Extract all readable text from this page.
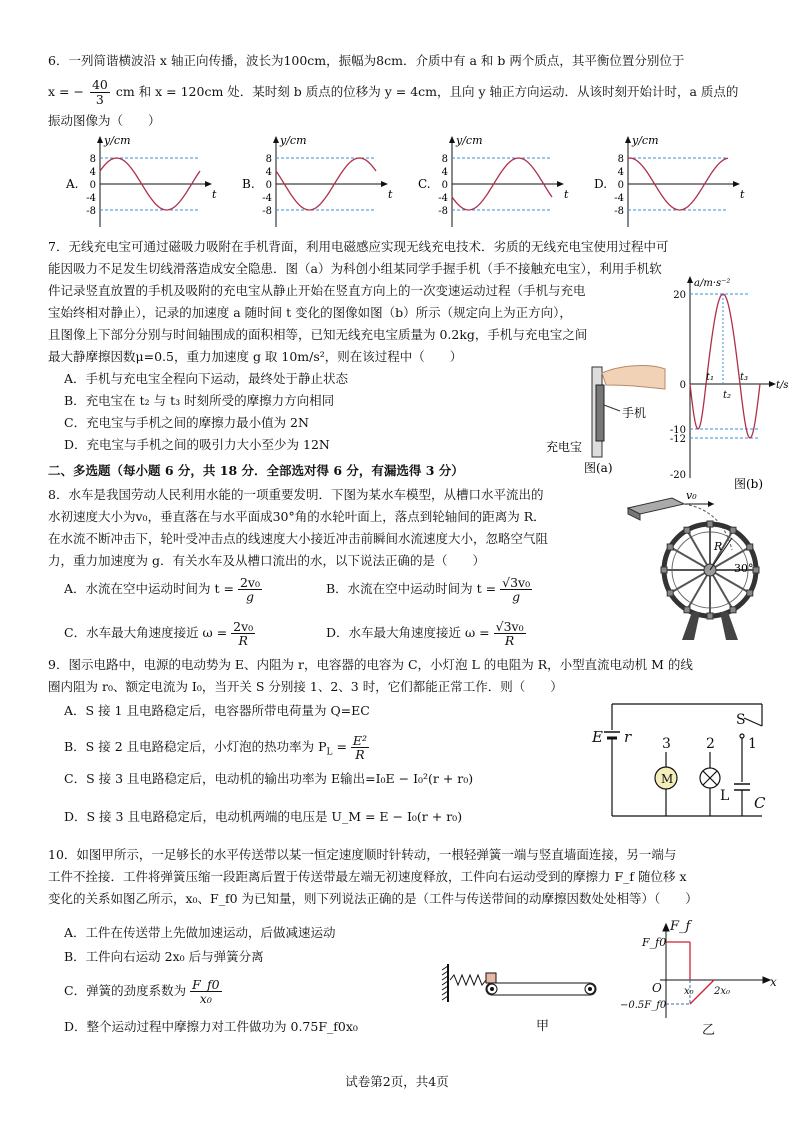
6．一列简谐横波沿 x 轴正向传播，波长为100cm，振幅为8cm．介质中有 a 和 b 两个质点，其平衡位置分别位于
x = − $\frac{40}{3}$ cm 和 x = 120cm 处．某时刻 b 质点的位移为 y = 4cm，且向 y 轴正方向运动．从该时刻开始计时，a 质点的
振动图像为（　　）
A.
y/cm
t
8
4
0
-4
-8
B.
y/cm
t
8
4
0
-4
-8
C.
y/cm
t
8
4
0
-4
-8
D.
y/cm
t
8
4
0
-4
-8
7．无线充电宝可通过磁吸力吸附在手机背面，利用电磁感应实现无线充电技术．劣质的无线充电宝使用过程中可
能因吸力不足发生切线滑落造成安全隐患．图（a）为科创小组某同学手握手机（手不接触充电宝），利用手机软
件记录竖直放置的手机及吸附的充电宝从静止开始在竖直方向上的一次变速运动过程（手机与充电
宝始终相对静止），记录的加速度 a 随时间 t 变化的图像如图（b）所示（规定向上为正方向），
且图像上下部分分别与时间轴围成的面积相等，已知无线充电宝质量为 0.2kg，手机与充电宝之间
最大静摩擦因数μ=0.5，重力加速度 g 取 10m/s²，则在该过程中（　　）
A．手机与充电宝全程向下运动，最终处于静止状态
B．充电宝在 t₂ 与 t₃ 时刻所受的摩擦力方向相同
C．充电宝与手机之间的摩擦力最小值为 2N
D．充电宝与手机之间的吸引力大小至少为 12N
手机
充电宝
图(a)
a/m·s⁻²
t/s
20
0
-10
-12
-20
t₁
t₂
t₃
图(b)
二、多选题（每小题 6 分，共 18 分．全部选对得 6 分，有漏选得 3 分）
8．水车是我国劳动人民利用水能的一项重要发明．下图为某水车模型，从槽口水平流出的
水初速度大小为v₀，垂直落在与水平面成30°角的水轮叶面上，落点到轮轴间的距离为 R．
在水流不断冲击下，轮叶受冲击点的线速度大小接近冲击前瞬间水流速度大小，忽略空气阻
力，重力加速度为 g．有关水车及从槽口流出的水，以下说法正确的是（　　）
A．水流在空中运动时间为 $t = \frac{\text{2v₀}}{g}$	B．水流在空中运动时间为 $t = \frac{\text{√3v₀}}{g}$
C．水车最大角速度接近 $\omega = \frac{\text{2v₀}}{R}$	D．水车最大角速度接近 $\omega = \frac{\text{√3v₀}}{R}$
v₀
R
30°
9．图示电路中，电源的电动势为 E、内阻为 r，电容器的电容为 C，小灯泡 L 的电阻为 R，小型直流电动机 M 的线
圈内阻为 r₀、额定电流为 I₀，当开关 S 分别接 1、2、3 时，它们都能正常工作．则（　　）
A．S 接 1 且电路稳定后，电容器所带电荷量为 Q=EC
B．S 接 2 且电路稳定后，小灯泡的热功率为 $P_L = \frac{\text{E²}}{R}$
C．S 接 3 且电路稳定后，电动机的输出功率为 E输出=I₀E − I₀²(r + r₀)
D．S 接 3 且电路稳定后，电动机两端的电压是 U_M = E − I₀(r + r₀)
E r
S
1
2
3
M
L C
10．如图甲所示，一足够长的水平传送带以某一恒定速度顺时针转动，一根轻弹簧一端与竖直墙面连接，另一端与
工件不拴接．工件将弹簧压缩一段距离后置于传送带最左端无初速度释放，工件向右运动受到的摩擦力 F_f 随位移 x
变化的关系如图乙所示，x₀、F_f0 为已知量，则下列说法正确的是（工件与传送带间的动摩擦因数处处相等）（　　）
A．工件在传送带上先做加速运动，后做减速运动
B．工件向右运动 2x₀ 后与弹簧分离
C．弹簧的劲度系数为 $\frac{F\_f0}{\text{x₀}}$
D．整个运动过程中摩擦力对工件做功为 0.75F_f0x₀	甲
F_f
F_f0
O	x
x₀ 2x₀
−0.5F_f0
乙
试卷第2页，共4页
